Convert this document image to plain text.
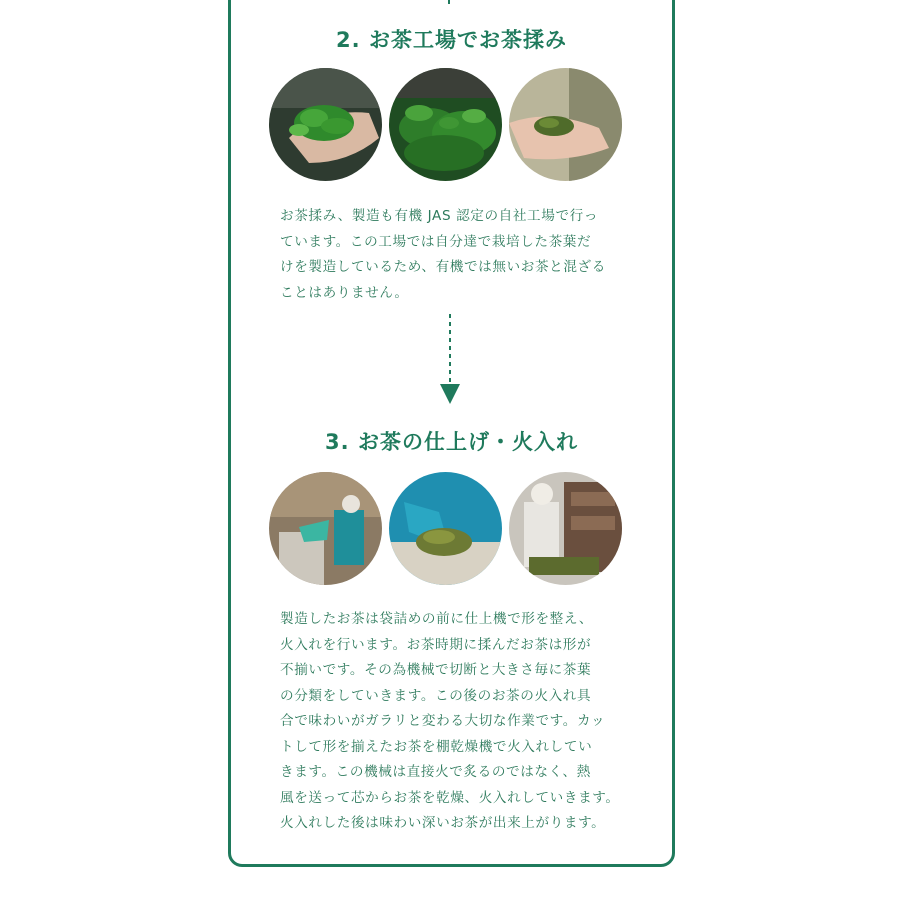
2. お茶工場でお茶揉み
お茶揉み、製造も有機 JAS 認定の自社工場で行っ
ています。この工場では自分達で栽培した茶葉だ
けを製造しているため、有機では無いお茶と混ざる
ことはありません。
3. お茶の仕上げ・火入れ
製造したお茶は袋詰めの前に仕上機で形を整え、
火入れを行います。お茶時期に揉んだお茶は形が
不揃いです。その為機械で切断と大きさ毎に茶葉
の分類をしていきます。この後のお茶の火入れ具
合で味わいがガラリと変わる大切な作業です。カッ
トして形を揃えたお茶を棚乾燥機で火入れしてい
きます。この機械は直接火で炙るのではなく、熱
風を送って芯からお茶を乾燥、火入れしていきます。
火入れした後は味わい深いお茶が出来上がります。
